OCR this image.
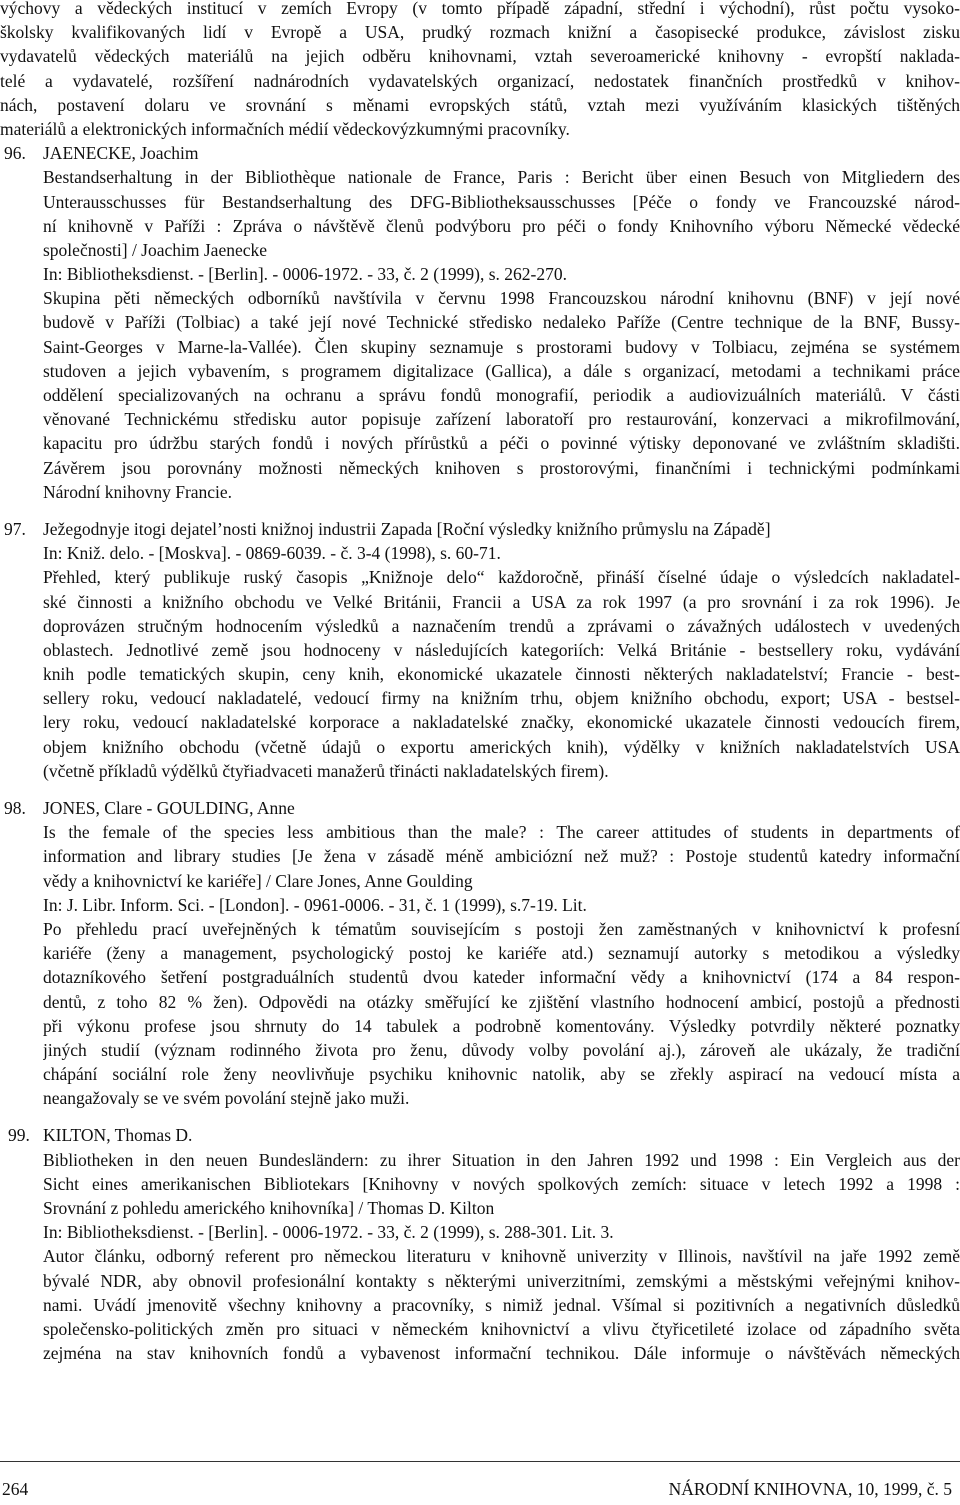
výchovy a vědeckých institucí v zemích Evropy (v tomto případě západní, střední i východní), růst počtu vysoko-
školsky kvalifikovaných lidí v Evropě a USA, prudký rozmach knižní a časopisecké produkce, závislost zisku
vydavatelů vědeckých materiálů na jejich odběru knihovnami, vztah severoamerické knihovny - evropští naklada-
telé a vydavatelé, rozšíření nadnárodních vydavatelských organizací, nedostatek finančních prostředků v knihov-
nách, postavení dolaru ve srovnání s měnami evropských států, vztah mezi využíváním klasických tištěných
materiálů a elektronických informačních médií vědeckovýzkumnými pracovníky.
96. JAENECKE, Joachim
Bestandserhaltung in der Bibliothèque nationale de France, Paris : Bericht über einen Besuch von Mitgliedern des
Unterausschusses für Bestandserhaltung des DFG-Bibliotheksausschusses [Péče o fondy ve Francouzské národ-
ní knihovně v Paříži : Zpráva o návštěvě členů podvýboru pro péči o fondy Knihovního výboru Německé vědecké
společnosti] / Joachim Jaenecke
In: Bibliotheksdienst. - [Berlin]. - 0006-1972. - 33, č. 2 (1999), s. 262-270.
Skupina pěti německých odborníků navštívila v červnu 1998 Francouzskou národní knihovnu (BNF) v její nové
budově v Paříži (Tolbiac) a také její nové Technické středisko nedaleko Paříže (Centre technique de la BNF, Bussy-
Saint-Georges v Marne-la-Vallée). Člen skupiny seznamuje s prostorami budovy v Tolbiacu, zejména se systémem
studoven a jejich vybavením, s programem digitalizace (Gallica), a dále s organizací, metodami a technikami práce
oddělení specializovaných na ochranu a správu fondů monografií, periodik a audiovizuálních materiálů. V části
věnované Technickému středisku autor popisuje zařízení laboratoří pro restaurování, konzervaci a mikrofilmování,
kapacitu pro údržbu starých fondů i nových přírůstků a péči o povinné výtisky deponované ve zvláštním skladišti.
Závěrem jsou porovnány možnosti německých knihoven s prostorovými, finančními i technickými podmínkami
Národní knihovny Francie.
97. Ježegodnyje itogi dejatel’nosti knižnoj industrii Zapada [Roční výsledky knižního průmyslu na Západě]
In: Kniž. delo. - [Moskva]. - 0869-6039. - č. 3-4 (1998), s. 60-71.
Přehled, který publikuje ruský časopis „Knižnoje delo“ každoročně, přináší číselné údaje o výsledcích nakladatel-
ské činnosti a knižního obchodu ve Velké Británii, Francii a USA za rok 1997 (a pro srovnání i za rok 1996). Je
doprovázen stručným hodnocením výsledků a naznačením trendů a zprávami o závažných událostech v uvedených
oblastech. Jednotlivé země jsou hodnoceny v následujících kategoriích: Velká Británie - bestsellery roku, vydávání
knih podle tematických skupin, ceny knih, ekonomické ukazatele činnosti některých nakladatelství; Francie - best-
sellery roku, vedoucí nakladatelé, vedoucí firmy na knižním trhu, objem knižního obchodu, export; USA - bestsel-
lery roku, vedoucí nakladatelské korporace a nakladatelské značky, ekonomické ukazatele činnosti vedoucích firem,
objem knižního obchodu (včetně údajů o exportu amerických knih), výdělky v knižních nakladatelstvích USA
(včetně příkladů výdělků čtyřiadvaceti manažerů třinácti nakladatelských firem).
98. JONES, Clare - GOULDING, Anne
Is the female of the species less ambitious than the male? : The career attitudes of students in departments of
information and library studies [Je žena v zásadě méně ambiciózní než muž? : Postoje studentů katedry informační
vědy a knihovnictví ke kariéře] / Clare Jones, Anne Goulding
In: J. Libr. Inform. Sci. - [London]. - 0961-0006. - 31, č. 1 (1999), s.7-19. Lit.
Po přehledu prací uveřejněných k tématům souvisejícím s postoji žen zaměstnaných v knihovnictví k profesní
kariéře (ženy a management, psychologický postoj ke kariéře atd.) seznamují autorky s metodikou a výsledky
dotazníkového šetření postgraduálních studentů dvou kateder informační vědy a knihovnictví (174 a 84 respon-
dentů, z toho 82 % žen). Odpovědi na otázky směřující ke zjištění vlastního hodnocení ambicí, postojů a přednosti
při výkonu profese jsou shrnuty do 14 tabulek a podrobně komentovány. Výsledky potvrdily některé poznatky
jiných studií (význam rodinného života pro ženu, důvody volby povolání aj.), zároveň ale ukázaly, že tradiční
chápání sociální role ženy neovlivňuje psychiku knihovnic natolik, aby se zřekly aspirací na vedoucí místa a
neangažovaly se ve svém povolání stejně jako muži.
99. KILTON, Thomas D.
Bibliotheken in den neuen Bundesländern: zu ihrer Situation in den Jahren 1992 und 1998 : Ein Vergleich aus der
Sicht eines amerikanischen Bibliotekars [Knihovny v nových spolkových zemích: situace v letech 1992 a 1998 :
Srovnání z pohledu amerického knihovníka] / Thomas D. Kilton
In: Bibliotheksdienst. - [Berlin]. - 0006-1972. - 33, č. 2 (1999), s. 288-301. Lit. 3.
Autor článku, odborný referent pro německou literaturu v knihovně univerzity v Illinois, navštívil na jaře 1992 země
bývalé NDR, aby obnovil profesionální kontakty s některými univerzitními, zemskými a městskými veřejnými knihov-
nami. Uvádí jmenovitě všechny knihovny a pracovníky, s nimiž jednal. Všímal si pozitivních a negativních důsledků
společensko-politických změn pro situaci v německém knihovnictví a vlivu čtyřicetileté izolace od západního světa
zejména na stav knihovních fondů a vybavenost informační technikou. Dále informuje o návštěvách německých
264	NÁRODNÍ KNIHOVNA, 10, 1999, č. 5
